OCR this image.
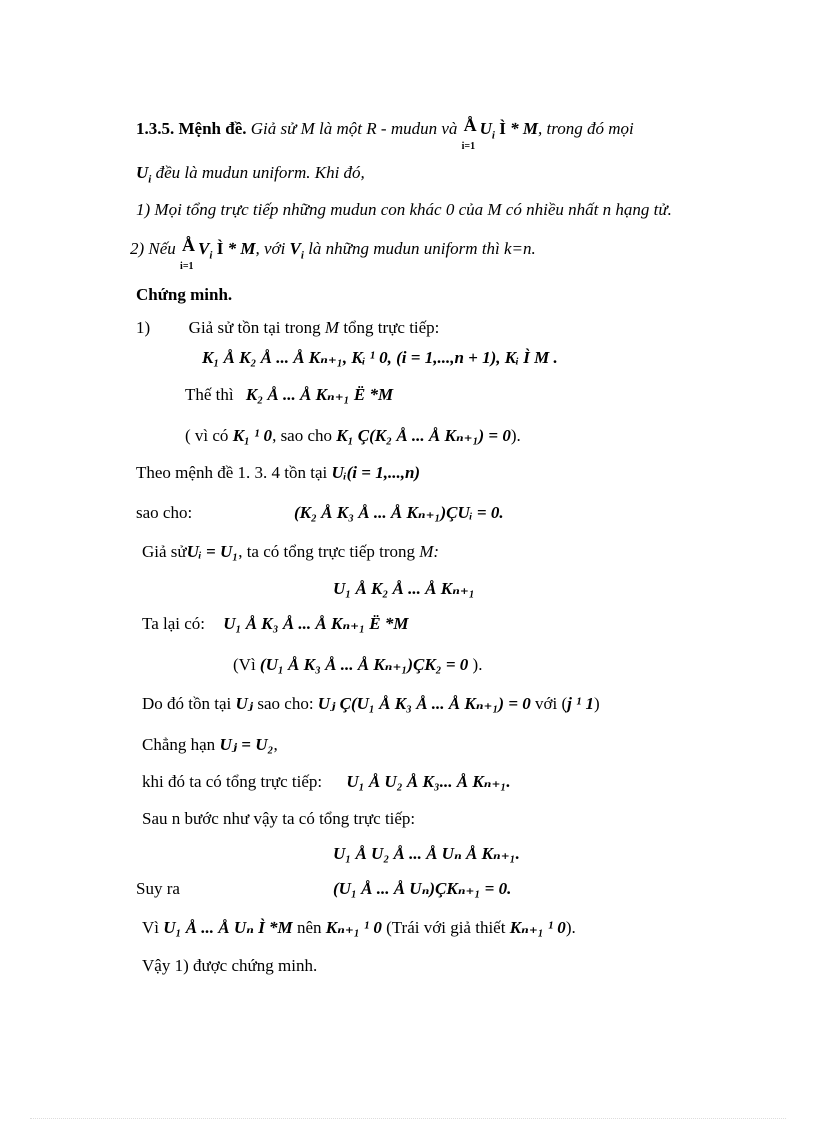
1.3.5. Mệnh đề. Giả sử M là một R - mudun và Å
i=1
$U_i$ Ì * M, trong đó mọi
$U_i$ đều là mudun uniform. Khi đó,
1) Mọi tổng trực tiếp những mudun con khác 0 của M có nhiều nhất n hạng tử.
2) Nếu Å
i=1
$V_i$ Ì * M, với $V_i$ là những mudun uniform thì k=n.
Chứng minh.
1) Giả sử tồn tại trong M tổng trực tiếp:
K₁ Å K₂ Å ... Å Kₙ₊₁, Kᵢ ¹ 0, (i = 1,...,n + 1), Kᵢ Ì M .
Thế thì K₂ Å ... Å Kₙ₊₁ Ë *M
( vì có K₁ ¹ 0, sao cho K₁ Ç(K₂ Å ... Å Kₙ₊₁) = 0).
Theo mệnh đề 1. 3. 4 tồn tại Uᵢ(i = 1,...,n)
sao cho:	(K₂ Å K₃ Å ... Å Kₙ₊₁)ÇUᵢ = 0.
Giả sửUᵢ = U₁, ta có tổng trực tiếp trong M:
U₁ Å K₂ Å ... Å Kₙ₊₁
Ta lại có: U₁ Å K₃ Å ... Å Kₙ₊₁ Ë *M
(Vì (U₁ Å K₃ Å ... Å Kₙ₊₁)ÇK₂ = 0 ).
Do đó tồn tại Uⱼ sao cho: Uⱼ Ç(U₁ Å K₃ Å ... Å Kₙ₊₁) = 0 với (j ¹ 1)
Chẳng hạn Uⱼ = U₂,
khi đó ta có tổng trực tiếp: U₁ Å U₂ Å K₃... Å Kₙ₊₁.
Sau n bước như vậy ta có tổng trực tiếp:
U₁ Å U₂ Å ... Å Uₙ Å Kₙ₊₁.
Suy ra	(U₁ Å ... Å Uₙ)ÇKₙ₊₁ = 0.
Vì U₁ Å ... Å Uₙ Ì *M nên Kₙ₊₁ ¹ 0 (Trái với giả thiết Kₙ₊₁ ¹ 0).
Vậy 1) được chứng minh.
